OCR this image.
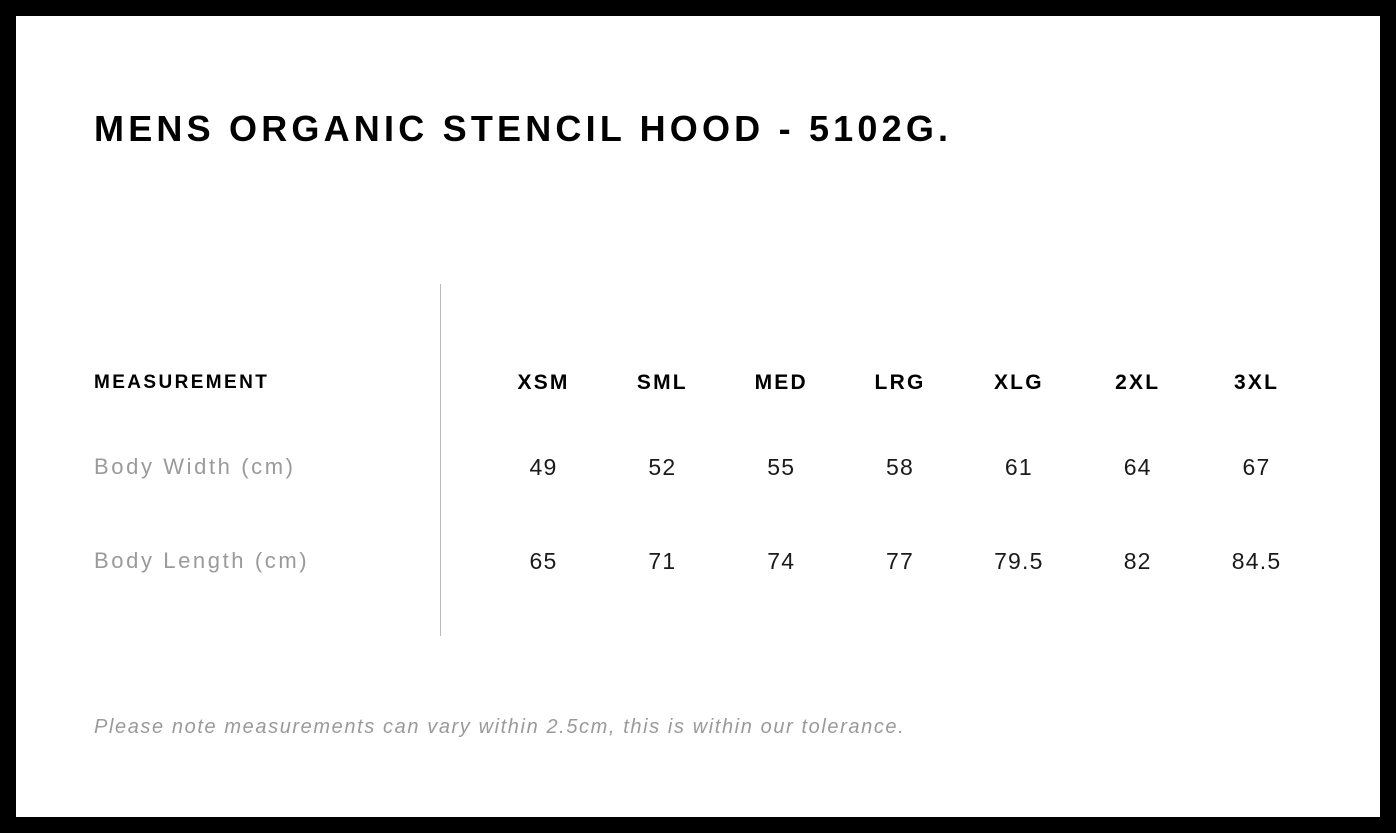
MENS ORGANIC STENCIL HOOD - 5102G.
MEASUREMENT	XSM	SML	MED	LRG	XLG	2XL	3XL
Body Width (cm)	49	52	55	58	61	64	67
Body Length (cm)	65	71	74	77	79.5	82	84.5
Please note measurements can vary within 2.5cm, this is within our tolerance.
